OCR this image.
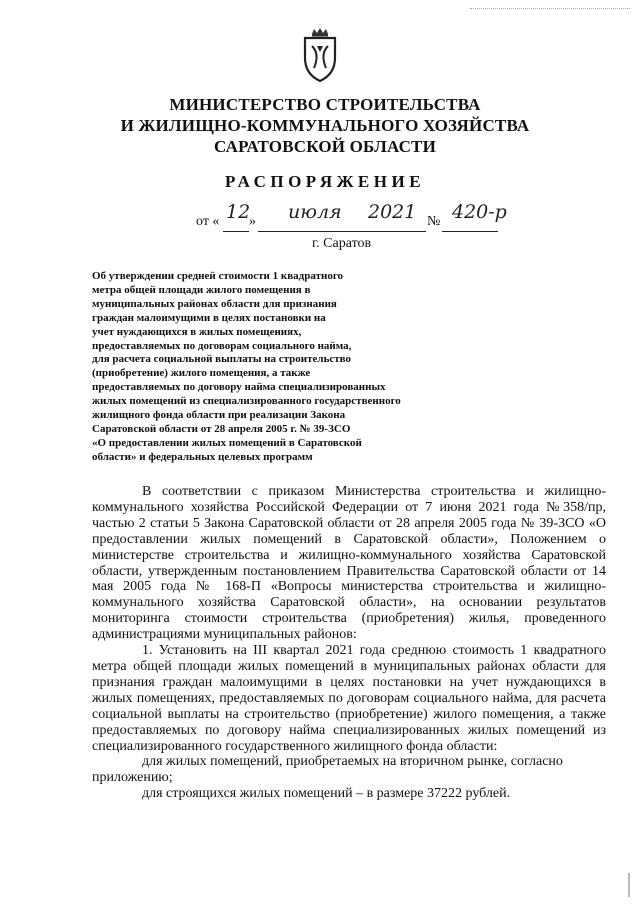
МИНИСТЕРСТВО СТРОИТЕЛЬСТВА
И ЖИЛИЩНО-КОММУНАЛЬНОГО ХОЗЯЙСТВА
САРАТОВСКОЙ ОБЛАСТИ
РАСПОРЯЖЕНИЕ
от « 12
» июля 2021 № 420-р
г. Саратов
Об утверждении средней стоимости 1 квадратного
метра общей площади жилого помещения в
муниципальных районах области для признания
граждан малоимущими в целях постановки на
учет нуждающихся в жилых помещениях,
предоставляемых по договорам социального найма,
для расчета социальной выплаты на строительство
(приобретение) жилого помещения, а также
предоставляемых по договору найма специализированных
жилых помещений из специализированного государственного
жилищного фонда области при реализации Закона
Саратовской области от 28 апреля 2005 г. № 39-ЗСО
«О предоставлении жилых помещений в Саратовской
области» и федеральных целевых программ

В соответствии с приказом Министерства строительства и жилищно-коммунального хозяйства Российской Федерации от 7 июня 2021 года №358/пр, частью 2 статьи 5 Закона Саратовской области от 28 апреля 2005 года № 39-ЗСО «О предоставлении жилых помещений в Саратовской области», Положением о министерстве строительства и жилищно-коммунального хозяйства Саратовской области, утвержденным постановлением Правительства Саратовской области от 14 мая 2005 года № 168-П «Вопросы министерства строительства и жилищно-коммунального хозяйства Саратовской области», на основании результатов мониторинга стоимости строительства (приобретения) жилья, проведенного администрациями муниципальных районов:

1. Установить на III квартал 2021 года среднюю стоимость 1 квадратного метра общей площади жилых помещений в муниципальных районах области для признания граждан малоимущими в целях постановки на учет нуждающихся в жилых помещениях, предоставляемых по договорам социального найма, для расчета социальной выплаты на строительство (приобретение) жилого помещения, а также предоставляемых по договору найма специализированных жилых помещений из специализированного государственного жилищного фонда области:

для жилых помещений, приобретаемых на вторичном рынке, согласно приложению;

для строящихся жилых помещений – в размере 37222 рублей.
